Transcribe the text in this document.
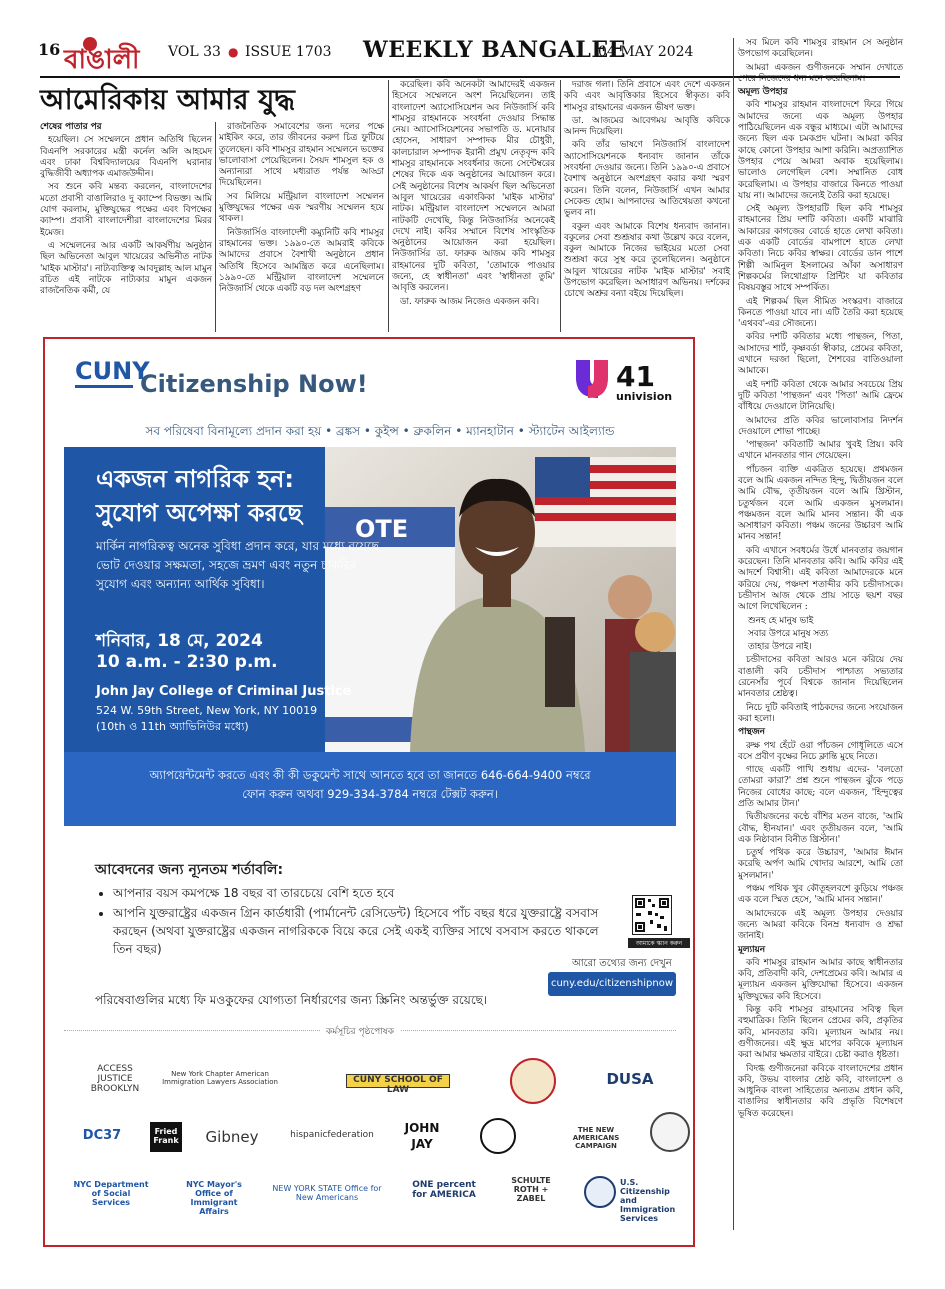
16 বাঙালী VOL 33 ● ISSUE 1703 WEEKLY BANGALEE
04 MAY 2024
আমেরিকায় আমার যুদ্ধ

শেষের পাতার পর

হয়েছিল। সে সম্মেলনে প্রধান অতিথি ছিলেন বিএনপি সরকারের মন্ত্রী কর্নেল অলি আহমেদ এবং ঢাকা বিশ্ববিদ্যালয়ের বিএনপি ঘরানার বুদ্ধিজীবী অধ্যাপক এমাজউদ্দীন।

সব শুনে কবি মন্তব্য করলেন, বাংলাদেশের মতো প্রবাসী বাঙালিরাও দু ক্যাম্পে বিভক্ত। আমি যোগ করলাম, মুক্তিযুদ্ধের পক্ষের এবং বিপক্ষের ক্যাম্প। প্রবাসী বাংলাদেশীরা বাংলাদেশের মিরর ইমেজ।

এ সম্মেলনের আর একটি আকর্ষণীয় অনুষ্ঠান ছিল অভিনেতা আবুল খায়েরের অভিনীত নাটক 'মাইক মাস্টার'। নাট্যব্যক্তিত্ব আবদুল্লাহ আল মামুন রচিত এই নাটকে নাট্যকার মামুন একজন রাজনৈতিক কর্মী, যে

রাজনৈতিক সমাবেশের জন্য দলের পক্ষে মাইকিং করে, তার জীবনের করুণ চিত্র ফুটিয়ে তুলেছেন। কবি শামসুর রাহমান সম্মেলনে ভক্তের ভালোবাসা পেয়েছিলেন। সৈয়দ শামসুল হক ও অন্যান্যরা সাথে মধ্যরাত পর্যন্ত আড্ডা দিয়েছিলেন।

সব মিলিয়ে মন্ট্রিয়াল বাংলাদেশ সম্মেলন মুক্তিযুদ্ধের পক্ষের এক স্মরণীয় সম্মেলন হয়ে থাকল।

নিউজার্সিও বাংলাদেশী কম্যুনিটি কবি শামসুর রাহমানের ভক্ত। ১৯৯০-তে আমরাই কবিকে আমাদের প্রবাসে বৈশাখী অনুষ্ঠানে প্রধান অতিথি হিসেবে আমন্ত্রিত করে এনেছিলাম। ১৯৯০-তে মন্ট্রিয়াল বাংলাদেশ সম্মেলনে নিউজার্সি থেকে একটি বড় দল অংশগ্রহণ

করেছিল। কবি অনেকটা আমাদেরই একজন হিসেবে সম্মেলনে অংশ নিয়েছিলেন। তাই বাংলাদেশ অ্যাসোসিয়েশন অব নিউজার্সি কবি শামসুর রাহমানকে সংবর্ধনা দেওয়ার সিদ্ধান্ত নেয়। অ্যাসোসিয়েশনের সভাপতি ড. মনোয়ার হোসেন, সাধারণ সম্পাদক মীর চৌধুরী, কালচারাল সম্পাদক ইরানী প্রমুখ নেতৃবৃন্দ কবি শামসুর রাহমানকে সংবর্ধনার জন্যে সেন্টেম্বরের শেষের দিকে এক অনুষ্ঠানের আয়োজন করে। সেই অনুষ্ঠানের বিশেষ আকর্ষণ ছিল অভিনেতা আবুল খায়েরের একাংকিকা 'মাইক মাস্টার' নাটক। মন্ট্রিয়াল বাংলাদেশ সম্মেলনে আমরা নাটকটি দেখেছি, কিন্তু নিউজার্সির অনেকেই দেখে নাই। কবির সম্মানে বিশেষ সাংস্কৃতিক অনুষ্ঠানের আয়োজন করা হয়েছিল। নিউজার্সির ডা. ফারুক আজম কবি শামসুর রাহমানের দুটি কবিতা, 'তোমাকে পাওয়ার জন্যে, হে স্বাধীনতা' এবং 'স্বাধীনতা তুমি' আবৃত্তি করলেন।

ডা. ফারুক আজম নিজেও একজন কবি।

দরাজ গলা। তিনি প্রবাসে এবং দেশে একজন কবি এবং আবৃত্তিকার হিসেবে স্বীকৃত। কবি শামসুর রাহমানের একজন ভীষণ ভক্ত।

ডা. আজমের আবেগময় আবৃত্তি কবিকে আনন্দ দিয়েছিল।

কবি তাঁর ভাষণে নিউজার্সি বাংলাদেশ অ্যাসোসিয়েশনকে ধন্যবাদ জানান তাঁকে সংবর্ধনা দেওয়ার জন্যে। তিনি ১৯৯০-এ প্রবাসে বৈশাখ অনুষ্ঠানে অংশগ্রহণ করার কথা স্মরণ করেন। তিনি বলেন, নিউজার্সি এখন আমার সেকেন্ড হোম। আপনাদের আতিথেয়তা কখনো ভুলব না।

বকুল এবং আমাকে বিশেষ ধন্যবাদ জানান। বকুলের সেবা শুশ্রূষার কথা উল্লেখ করে বলেন, বকুল আমাকে নিজের ভাইয়ের মতো সেবা শুশ্রূষা করে সুস্থ করে তুলেছিলেন। অনুষ্ঠানে আবুল খায়েরের নাটক 'মাইক মাস্টার' সবাই উপভোগ করেছিল। অসাধারণ অভিনয়। দর্শকের চোখে অশ্রুর বন্যা বইয়ে দিয়েছিল।

সব মিলে কবি শামসুর রাহমান সে অনুষ্ঠান উপভোগ করেছিলেন।

আমরা একজন গুণীজনকে সম্মান দেখাতে পেরে নিজেদের ধন্য মনে করেছিলাম।

অমূল্য উপহার

কবি শামসুর রাহমান বাংলাদেশে ফিরে গিয়ে আমাদের জন্যে এক অমূল্য উপহার পাঠিয়েছিলেন এক বন্ধুর মাধ্যমে। এটা আমাদের জন্যে ছিল এক চমকপ্রদ ঘটনা। আমরা কবির কাছে কোনো উপহার আশা করিনি। অপ্রত্যাশিত উপহার পেয়ে আমরা অবাক হয়েছিলাম। ভালোও লেগেছিল বেশ। সম্মানিত বোধ করেছিলাম। এ উপহার বাজারে কিনতে পাওয়া যায় না। আমাদের জন্যেই তৈরি করা হয়েছে।

সেই অমূল্য উপহারটি ছিল কবি শামসুর রাহমানের প্রিয় দশটি কবিতা। একটি মাঝারি আকারের কাগজের বোর্ডে হাতে লেখা কবিতা। এক একটি বোর্ডের বামপাশে হাতে লেখা কবিতা। নিচে কবির স্বাক্ষর। বোর্ডের ডান পাশে শিল্পী আমিনুল ইসলামের আঁকা অসাধারণ শিল্পকর্মের লিথোগ্রাফ প্রিন্টিং যা কবিতার বিষয়বস্তুর সাথে সম্পর্কিত।

এই শিল্পকর্ম ছিল সীমিত সংস্করণ। বাজারে কিনতে পাওয়া যাবে না। এটি তৈরি করা হয়েছে 'এথবব'-এর সৌজন্যে।

কবির দশটি কবিতার মধ্যে পান্থজন, পিতা, আসাদের শার্ট, কৃষ্ণবর্ডা স্বীকার, প্রেমের কবিতা, এখানে দরজা ছিলো, শৈশবের বাতিওয়ালা আমাকে।

এই দশটি কবিতা থেকে আমার সবচেয়ে প্রিয় দুটি কবিতা 'পান্থজন' এবং 'পিতা' আমি ফ্রেমে বাঁধিয়ে দেওয়ালে টানিয়েছি।

আমাদের প্রতি কবির ভালোবাসার নিদর্শন দেওয়ালে শোভা পাচ্ছে।

'পান্থজন' কবিতাটি আমার খুবই প্রিয়। কবি এখানে মানবতার গান গেয়েছেন।

পাঁচজন ব্যক্তি একত্রিত হয়েছে। প্রথমজন বলে আমি একজন নন্দিত হিন্দু, দ্বিতীয়জন বলে আমি বৌদ্ধ, তৃতীয়জন বলে আমি খ্রিস্টান, চতুর্থজন বলে আমি একজন মুসলমান। পঞ্চমজন বলে আমি মানব সন্তান। কী এক অসাধারণ কবিতা। পঞ্চম জনের উচ্চারণ আমি মানব সন্তান!

কবি এখানে সবধর্মের উর্ধে মানবতার জয়গান করেছেন। তিনি মানবতার কবি। আমি কবির এই আদর্শে বিশ্বাসী। এই কবিতা আমাদেরকে মনে করিয়ে দেয়, পঞ্চদশ শতাব্দীর কবি চন্ডীদাসকে। চন্ডীদাস আজ থেকে প্রায় সাড়ে ছয়শ বছর আগে লিখেছিলেন :

শুনহ হে মানুষ ভাই

সবার উপরে মানুষ সত্য

তাহার উপরে নাই।

চন্ডীদাসের কবিতা আরও মনে করিয়ে দেয় বাঙালী কবি চন্ডীদাস পাশ্চাত্য সভ্যতার রেনেসাঁর পূর্বে বিশ্বকে জানান দিয়েছিলেন মানবতার শ্রেষ্ঠত্ব।

নিচে দুটি কবিতাই পাঠকদের জন্যে সংযোজন করা হলো।

পান্থজন

রুক্ষ পথ হেঁটে ওরা পাঁচজন গোধূলিতে এসে বসে প্রবীণ বৃক্ষের নিচে ক্লান্তি মুছে নিতে।

গাছে একটি পাখি শুধায় এদের- 'বলতো তোমরা কারা?' প্রশ্ন শুনে পান্থজন ঝুঁকে পড়ে নিজের বোধের কাছে; বলে একজন, 'হিন্দুত্বের প্রতি আমার টান।'

দ্বিতীয়জনের কণ্ঠে বাঁশির মতন বাজে, 'আমি বৌদ্ধ, হীনযান।' এবং তৃতীয়জন বলে, 'আমি এক নিষ্ঠাবান বিনীত খ্রিস্টান।'

চতুর্থ পথিক করে উচ্চারণ, 'আমার ঈমান করেছি অর্পণ আমি খোদার আরশে, আমি তো মুসলমান।'

পঞ্চম পথিক খুব কৌতূহলবশে কুড়িয়ে পঞ্চজ এক বলে স্মিত হেসে, 'আমি মানব সন্তান।'

আমাদেরকে এই অমূল্য উপহার দেওয়ার জন্যে আমরা কবিকে বিনম্র ধন্যবাদ ও শ্রদ্ধা জানাই।

মূল্যায়ন

কবি শামসুর রাহমান আমার কাছে স্বাধীনতার কবি, প্রতিবাদী কবি, দেশপ্রেমের কবি। আমার এ মূল্যায়ন একজন মুক্তিযোদ্ধা হিসেবে। একজন মুক্তিযুদ্ধের কবি হিসেবে।

কিন্তু কবি শামসুর রাহমানের সবিত্ব ছিল বহুমাত্রিক। তিনি ছিলেন প্রেমের কবি, প্রকৃতির কবি, মানবতার কবি। মূল্যায়ন আমার নয়। গুণীজনের। এই ক্ষুদ্র মাপের কবিকে মূল্যায়ন করা আমার ক্ষমতার বাইরে। চেষ্টা করাও ধৃষ্টতা।

বিদগ্ধ গুণীজনেরা কবিকে বাংলাদেশের প্রধান কবি, উভয় বাংলার শ্রেষ্ঠ কবি, বাংলাদেশ ও আধুনিক বাংলা সাহিত্যের অন্যতম প্রধান কবি, বাঙালির স্বাধীনতার কবি প্রভৃতি বিশেষণে ভূষিত করেছেন।

CUNY
Citizenship Now!	41
univision
সব পরিষেবা বিনামূল্যে প্রদান করা হয় • ব্রঙ্কস • কুইন্স • ব্রুকলিন • ম্যানহাটান • স্ট্যাটেন আইল্যান্ড
OTE
একজন নাগরিক হন:
সুযোগ অপেক্ষা করছে
মার্কিন নাগরিকত্ব অনেক সুবিধা প্রদান করে, যার মধ্যে রয়েছে ভোট দেওয়ার সক্ষমতা, সহজে ভ্রমণ এবং নতুন চাকরির সুযোগ এবং অন্যান্য আর্থিক সুবিধা।
শনিবার, 18 মে, 2024
10 a.m. - 2:30 p.m.
John Jay College of Criminal Justice
524 W. 59th Street, New York, NY 10019
(10th ও 11th অ্যাভিনিউর মধ্যে)
অ্যাপয়েন্টমেন্ট করতে এবং কী কী ডকুমেন্ট সাথে আনতে হবে তা জানতে 646-664-9400 নম্বরে
ফোন করুন অথবা 929-334-3784 নম্বরে টেক্সট করুন।
আবেদনের জন্য ন্যূনতম শর্তাবলি:
• আপনার বয়স কমপক্ষে 18 বছর বা তারচেয়ে বেশি হতে হবে
• আপনি যুক্তরাষ্ট্রের একজন গ্রিন কার্ডধারী (পার্মানেন্ট রেসিডেন্ট) হিসেবে পাঁচ বছর ধরে যুক্তরাষ্ট্রে বসবাস করছেন (অথবা যুক্তরাষ্ট্রের একজন নাগরিককে বিয়ে করে সেই একই ব্যক্তির সাথে বসবাস করতে থাকলে তিন বছর)
পরিষেবাগুলির মধ্যে ফি মওকুফের যোগ্যতা নির্ধারণের জন্য স্ক্রিনিং অন্তর্ভুক্ত রয়েছে।
আমাকে স্ক্যান করুন
আরো তথ্যের জন্য দেখুন
cuny.edu/citizenshipnow
কর্মসূচির পৃষ্ঠপোষক
ACCESS JUSTICE BROOKLYN
New York Chapter American Immigration Lawyers Association	CUNY SCHOOL OF LAW
DUSA
DC37	Fried Frank	Gibney	hispanicfederation	JOHN JAY
THE NEW AMERICANS CAMPAIGN
NYC Department of Social Services
NYC Mayor's Office of Immigrant Affairs
NEW YORK STATE Office for New Americans
ONE percent for AMERICA
SCHULTE ROTH + ZABEL
U.S. Citizenship and Immigration Services
